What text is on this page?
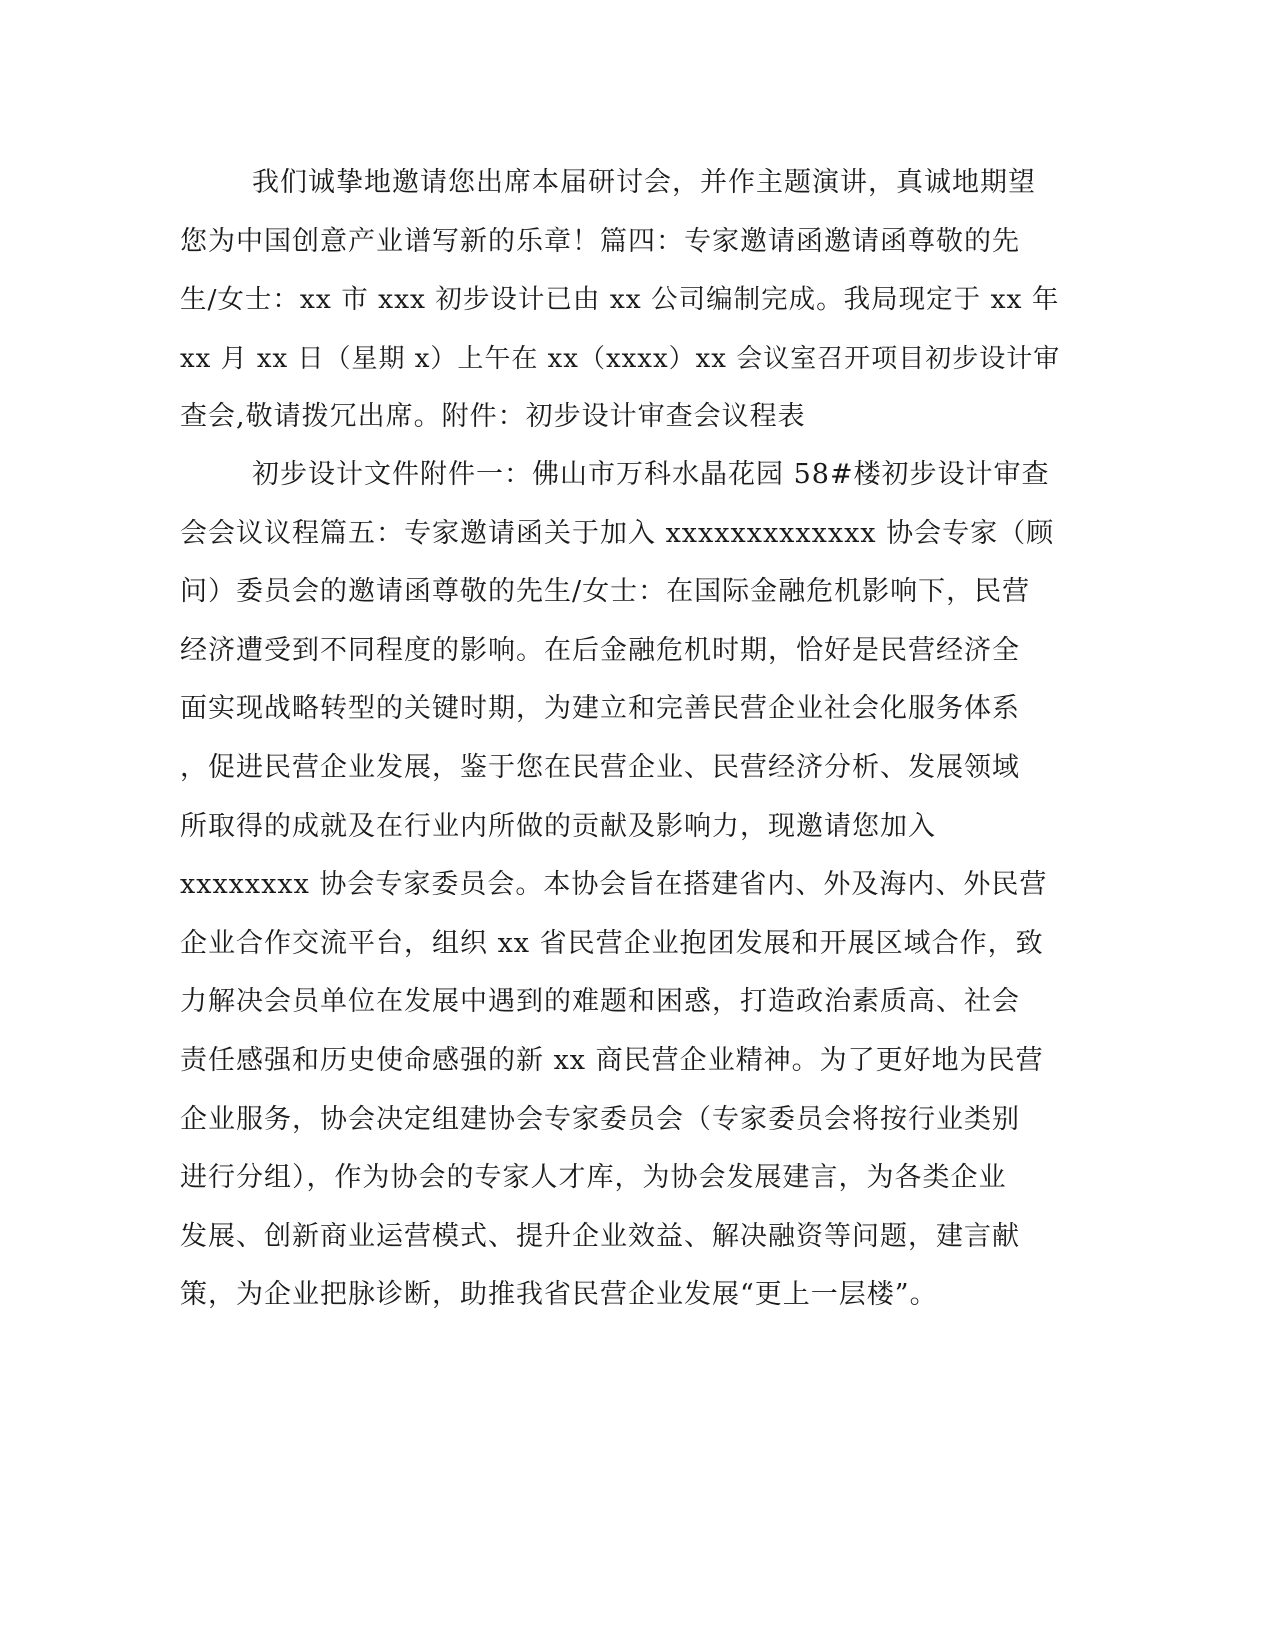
我们诚挚地邀请您出席本届研讨会，并作主题演讲，真诚地期望
您为中国创意产业谱写新的乐章！篇四：专家邀请函邀请函尊敬的先
生/女士：xx 市 xxx 初步设计已由 xx 公司编制完成。我局现定于 xx 年
xx 月 xx 日（星期 x）上午在 xx（xxxx）xx 会议室召开项目初步设计审
查会,敬请拨冗出席。附件：初步设计审查会议程表
初步设计文件附件一：佛山市万科水晶花园 58#楼初步设计审查
会会议议程篇五：专家邀请函关于加入 xxxxxxxxxxxxx 协会专家（顾
问）委员会的邀请函尊敬的先生/女士：在国际金融危机影响下，民营
经济遭受到不同程度的影响。在后金融危机时期，恰好是民营经济全
面实现战略转型的关键时期，为建立和完善民营企业社会化服务体系
，促进民营企业发展，鉴于您在民营企业、民营经济分析、发展领域
所取得的成就及在行业内所做的贡献及影响力，现邀请您加入
xxxxxxxx 协会专家委员会。本协会旨在搭建省内、外及海内、外民营
企业合作交流平台，组织 xx 省民营企业抱团发展和开展区域合作，致
力解决会员单位在发展中遇到的难题和困惑，打造政治素质高、社会
责任感强和历史使命感强的新 xx 商民营企业精神。为了更好地为民营
企业服务，协会决定组建协会专家委员会（专家委员会将按行业类别
进行分组），作为协会的专家人才库，为协会发展建言，为各类企业
发展、创新商业运营模式、提升企业效益、解决融资等问题，建言献
策，为企业把脉诊断，助推我省民营企业发展“更上一层楼”。
